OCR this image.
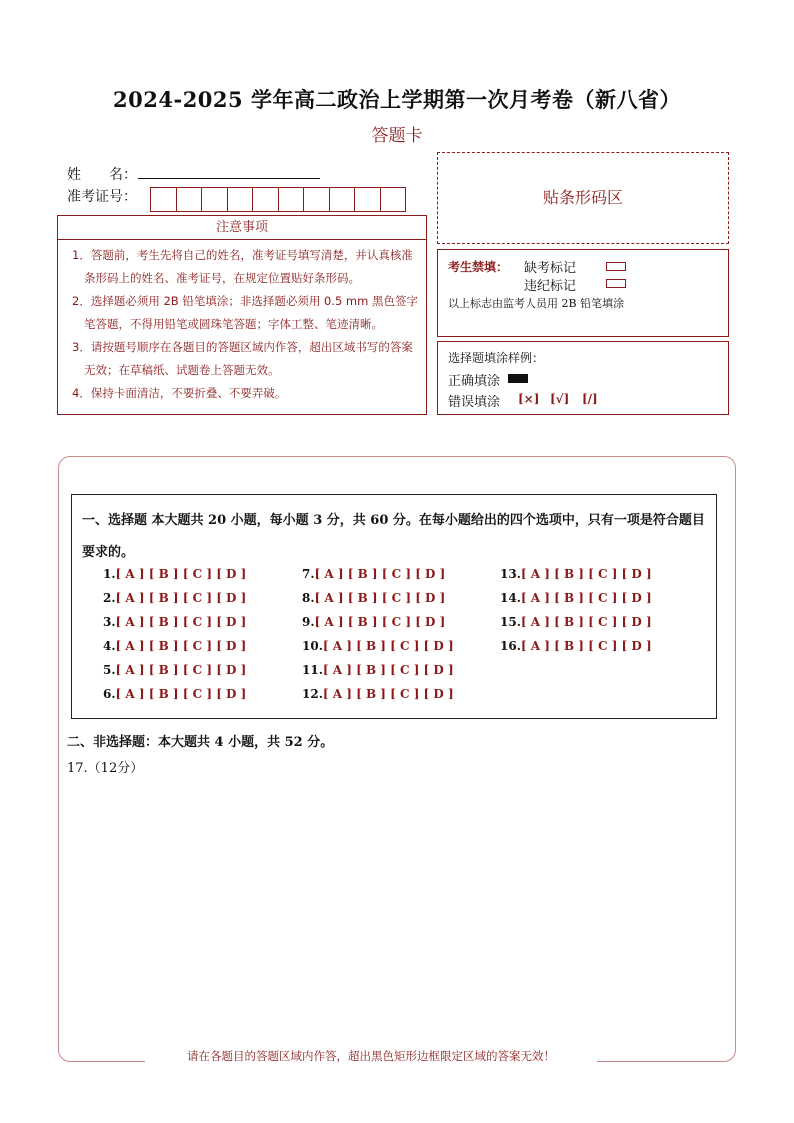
2024-2025 学年高二政治上学期第一次月考卷（新八省）
答题卡
姓　　名：
准考证号：
注意事项
1．答题前，考生先将自己的姓名，准考证号填写清楚，并认真核准条形码上的姓名、准考证号，在规定位置贴好条形码。
2．选择题必须用 2B 铅笔填涂；非选择题必须用 0.5 mm 黑色签字笔答题，不得用铅笔或圆珠笔答题；字体工整、笔迹清晰。
3．请按题号顺序在各题目的答题区域内作答，超出区域书写的答案无效；在草稿纸、试题卷上答题无效。
4．保持卡面清洁，不要折叠、不要弄破。
贴条形码区
考生禁填： 缺考标记
违纪标记
以上标志由监考人员用 2B 铅笔填涂
选择题填涂样例：
正确填涂
错误填涂 [×] [√] [/]
请在各题目的答题区域内作答，超出黑色矩形边框限定区域的答案无效！
一、选择题 本大题共 20 小题，每小题 3 分，共 60 分。在每小题给出的四个选项中，只有一项是符合题目要求的。
1.[ A ] [ B ] [ C ] [ D ]
2.[ A ] [ B ] [ C ] [ D ]
3.[ A ] [ B ] [ C ] [ D ]
4.[ A ] [ B ] [ C ] [ D ]
5.[ A ] [ B ] [ C ] [ D ]
6.[ A ] [ B ] [ C ] [ D ]
7.[ A ] [ B ] [ C ] [ D ]
8.[ A ] [ B ] [ C ] [ D ]
9.[ A ] [ B ] [ C ] [ D ]
10.[ A ] [ B ] [ C ] [ D ]
11.[ A ] [ B ] [ C ] [ D ]
12.[ A ] [ B ] [ C ] [ D ]
13.[ A ] [ B ] [ C ] [ D ]
14.[ A ] [ B ] [ C ] [ D ]
15.[ A ] [ B ] [ C ] [ D ]
16.[ A ] [ B ] [ C ] [ D ]
二、非选择题：本大题共 4 小题，共 52 分。
17.（12分）
